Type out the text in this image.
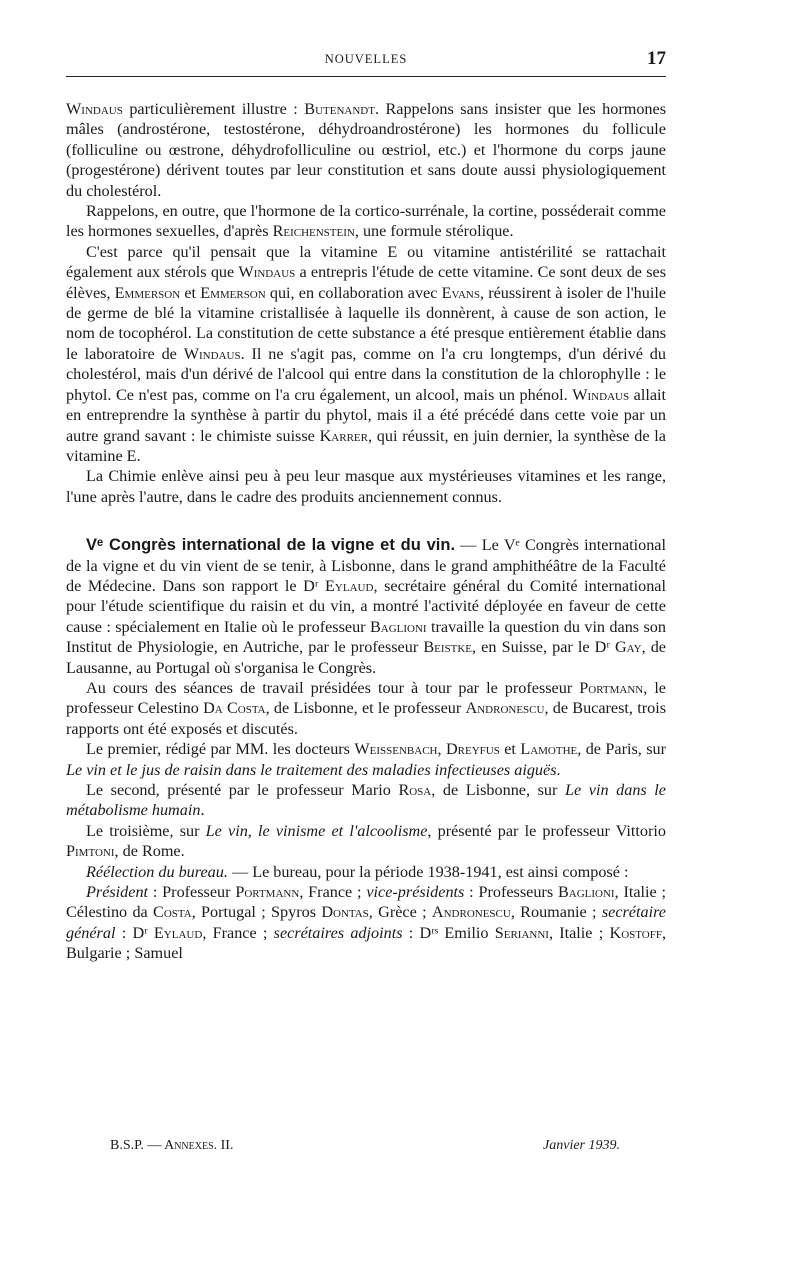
NOUVELLES	17

Windaus particulièrement illustre : Butenandt. Rappelons sans insister que les hormones mâles (androstérone, testostérone, déhydroandrostérone) les hormones du follicule (folliculine ou œstrone, déhydrofolliculine ou œstriol, etc.) et l'hormone du corps jaune (progestérone) dérivent toutes par leur constitution et sans doute aussi physiologiquement du cholestérol.

Rappelons, en outre, que l'hormone de la cortico-surrénale, la cortine, posséderait comme les hormones sexuelles, d'après Reichenstein, une formule stérolique.

C'est parce qu'il pensait que la vitamine E ou vitamine antistérilité se rattachait également aux stérols que Windaus a entrepris l'étude de cette vitamine. Ce sont deux de ses élèves, Emmerson et Emmerson qui, en collaboration avec Evans, réussirent à isoler de l'huile de germe de blé la vitamine cristallisée à laquelle ils donnèrent, à cause de son action, le nom de tocophérol. La constitution de cette substance a été presque entièrement établie dans le laboratoire de Windaus. Il ne s'agit pas, comme on l'a cru longtemps, d'un dérivé du cholestérol, mais d'un dérivé de l'alcool qui entre dans la constitution de la chlorophylle : le phytol. Ce n'est pas, comme on l'a cru également, un alcool, mais un phénol. Windaus allait en entreprendre la synthèse à partir du phytol, mais il a été précédé dans cette voie par un autre grand savant : le chimiste suisse Karrer, qui réussit, en juin dernier, la synthèse de la vitamine E.

La Chimie enlève ainsi peu à peu leur masque aux mystérieuses vitamines et les range, l'une après l'autre, dans le cadre des produits anciennement connus.

Vᵉ Congrès international de la vigne et du vin. — Le Vᵉ Congrès international de la vigne et du vin vient de se tenir, à Lisbonne, dans le grand amphithéâtre de la Faculté de Médecine. Dans son rapport le Dʳ Eylaud, secrétaire général du Comité international pour l'étude scientifique du raisin et du vin, a montré l'activité déployée en faveur de cette cause : spécialement en Italie où le professeur Baglioni travaille la question du vin dans son Institut de Physiologie, en Autriche, par le professeur Beistke, en Suisse, par le Dʳ Gay, de Lausanne, au Portugal où s'organisa le Congrès.

Au cours des séances de travail présidées tour à tour par le professeur Portmann, le professeur Celestino Da Costa, de Lisbonne, et le professeur Andronescu, de Bucarest, trois rapports ont été exposés et discutés.

Le premier, rédigé par MM. les docteurs Weissenbach, Dreyfus et Lamothe, de Paris, sur Le vin et le jus de raisin dans le traitement des maladies infectieuses aiguës.

Le second, présenté par le professeur Mario Rosa, de Lisbonne, sur Le vin dans le métabolisme humain.

Le troisième, sur Le vin, le vinisme et l'alcoolisme, présenté par le professeur Vittorio Pimtoni, de Rome.

Réélection du bureau. — Le bureau, pour la période 1938-1941, est ainsi composé :

Président : Professeur Portmann, France ; vice-présidents : Professeurs Baglioni, Italie ; Célestino da Costa, Portugal ; Spyros Dontas, Grèce ; Andronescu, Roumanie ; secrétaire général : Dʳ Eylaud, France ; secrétaires adjoints : Dʳˢ Emilio Serianni, Italie ; Kostoff, Bulgarie ; Samuel

B.S.P. — Annexes. II.	Janvier 1939.
